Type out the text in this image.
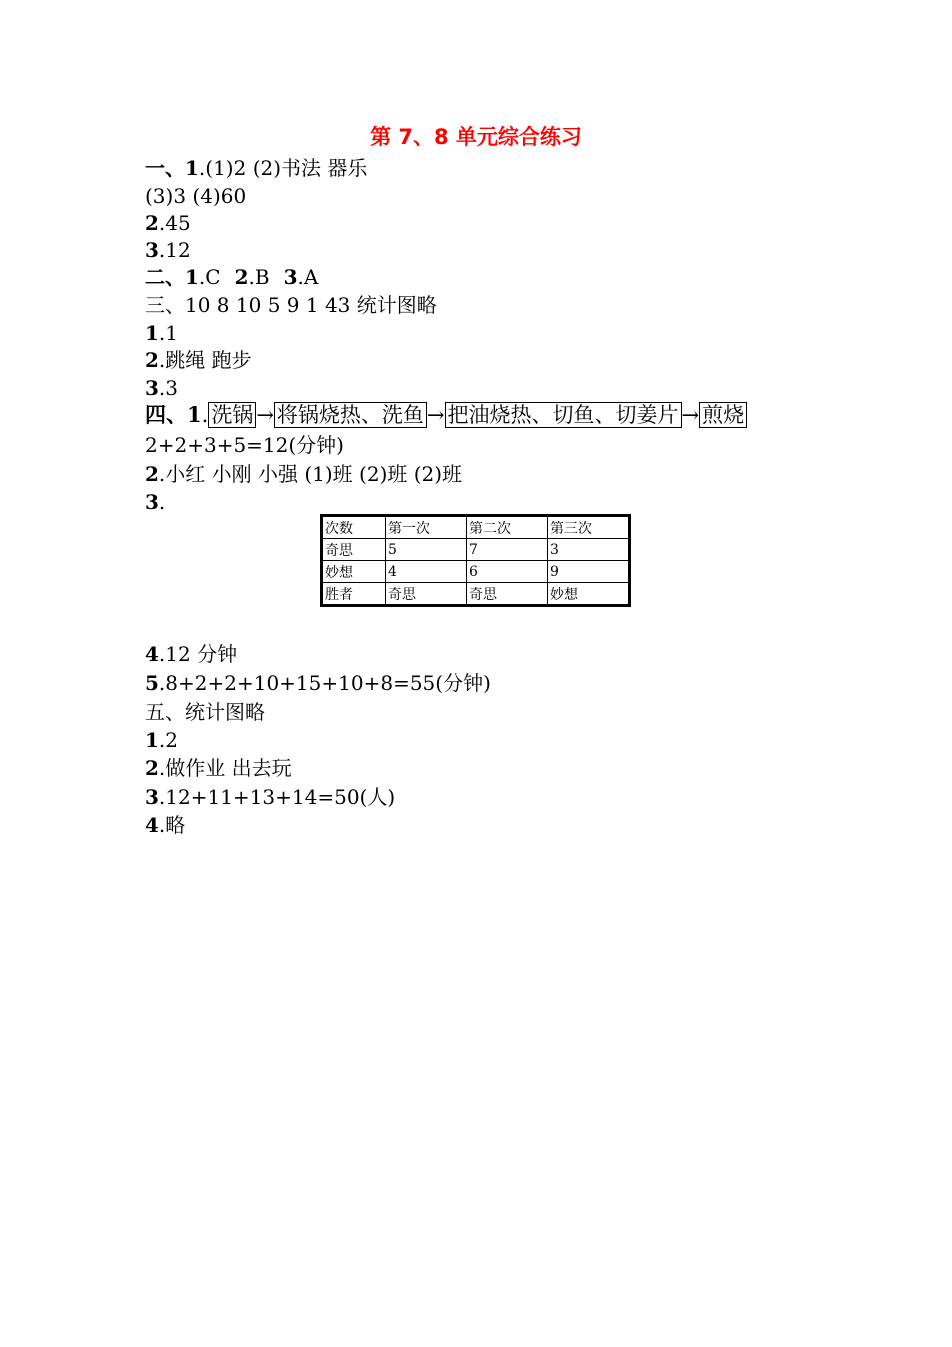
第 7、8 单元综合练习
一、1.(1)2 (2)书法 器乐
(3)3 (4)60
2.45
3.12
二、1.C 2.B 3.A
三、10 8 10 5 9 1 43 统计图略
1.1
2.跳绳 跑步
3.3
四、1. 洗锅 → 将锅烧热、洗鱼 → 把油烧热、切鱼、切姜片 → 煎烧
2+2+3+5=12(分钟)
2.小红 小刚 小强 (1)班 (2)班 (2)班
3.
次数	第一次	第二次	第三次
奇思	5	7	3
妙想	4	6	9
胜者	奇思	奇思	妙想
4.12 分钟
5.8+2+2+10+15+10+8=55(分钟)
五、统计图略
1.2
2.做作业 出去玩
3.12+11+13+14=50(人)
4.略
